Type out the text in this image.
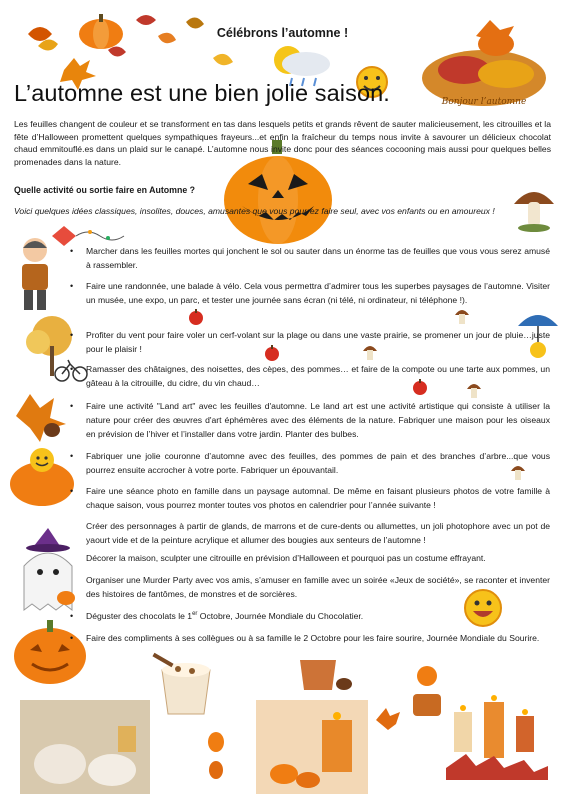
Bonjour l’automne
Célébrons l’automne !
L’automne est une bien jolie saison.
Les feuilles changent de couleur et se transforment en tas dans lesquels petits et grands rêvent de sauter malicieusement, les citrouilles et la fête d’Halloween promettent quelques sympathiques frayeurs...et enfin la fraîcheur du temps nous invite à savourer un délicieux chocolat chaud emmitouflé.es dans un plaid sur le canapé. L’automne nous invite donc pour des séances cocooning mais aussi pour quelques belles promenades dans la nature.
Quelle activité ou sortie faire en Automne ?
Voici quelques idées classiques, insolites, douces, amusantes que vous pourrez faire seul, avec vos enfants ou en amoureux !
• Marcher dans les feuilles mortes qui jonchent le sol ou sauter dans un énorme tas de feuilles que vous vous serez amusé à rassembler.
• Faire une randonnée, une balade à vélo. Cela vous permettra d’admirer tous les superbes paysages de l’automne. Visiter un musée, une expo, un parc, et tester une journée sans écran (ni télé, ni ordinateur, ni téléphone !).
• Profiter du vent pour faire voler un cerf-volant sur la plage ou dans une vaste prairie, se promener un jour de pluie…juste pour le plaisir !
• Ramasser des châtaignes, des noisettes, des cèpes, des pommes… et faire de la compote ou une tarte aux pommes, un gâteau à la citrouille, du cidre, du vin chaud…
• Faire une activité "Land art" avec les feuilles d'automne. Le land art est une activité artistique qui consiste à utiliser la nature pour créer des œuvres d'art éphémères avec des éléments de la nature. Fabriquer une maison pour les oiseaux en prévision de l’hiver et l’installer dans votre jardin. Planter des bulbes.
• Fabriquer une jolie couronne d’automne avec des feuilles, des pommes de pain et des branches d’arbre...que vous pourrez ensuite accrocher à votre porte. Fabriquer un épouvantail.
• Faire une séance photo en famille dans un paysage automnal. De même en faisant plusieurs photos de votre famille à chaque saison, vous pourrez monter toutes vos photos en calendrier pour l’année suivante !
Créer des personnages à partir de glands, de marrons et de cure-dents ou allumettes, un joli photophore avec un pot de yaourt vide et de la peinture acrylique et allumer des bougies aux senteurs de l’automne !
Décorer la maison, sculpter une citrouille en prévision d’Halloween et pourquoi pas un costume effrayant.
Organiser une Murder Party avec vos amis, s’amuser en famille avec un soirée «Jeux de société», se raconter et inventer des histoires de fantômes, de monstres et de sorcières.
• Déguster des chocolats le 1er Octobre, Journée Mondiale du Chocolatier.
• Faire des compliments à ses collègues ou à sa famille le 2 Octobre pour les faire sourire, Journée Mondiale du Sourire.
